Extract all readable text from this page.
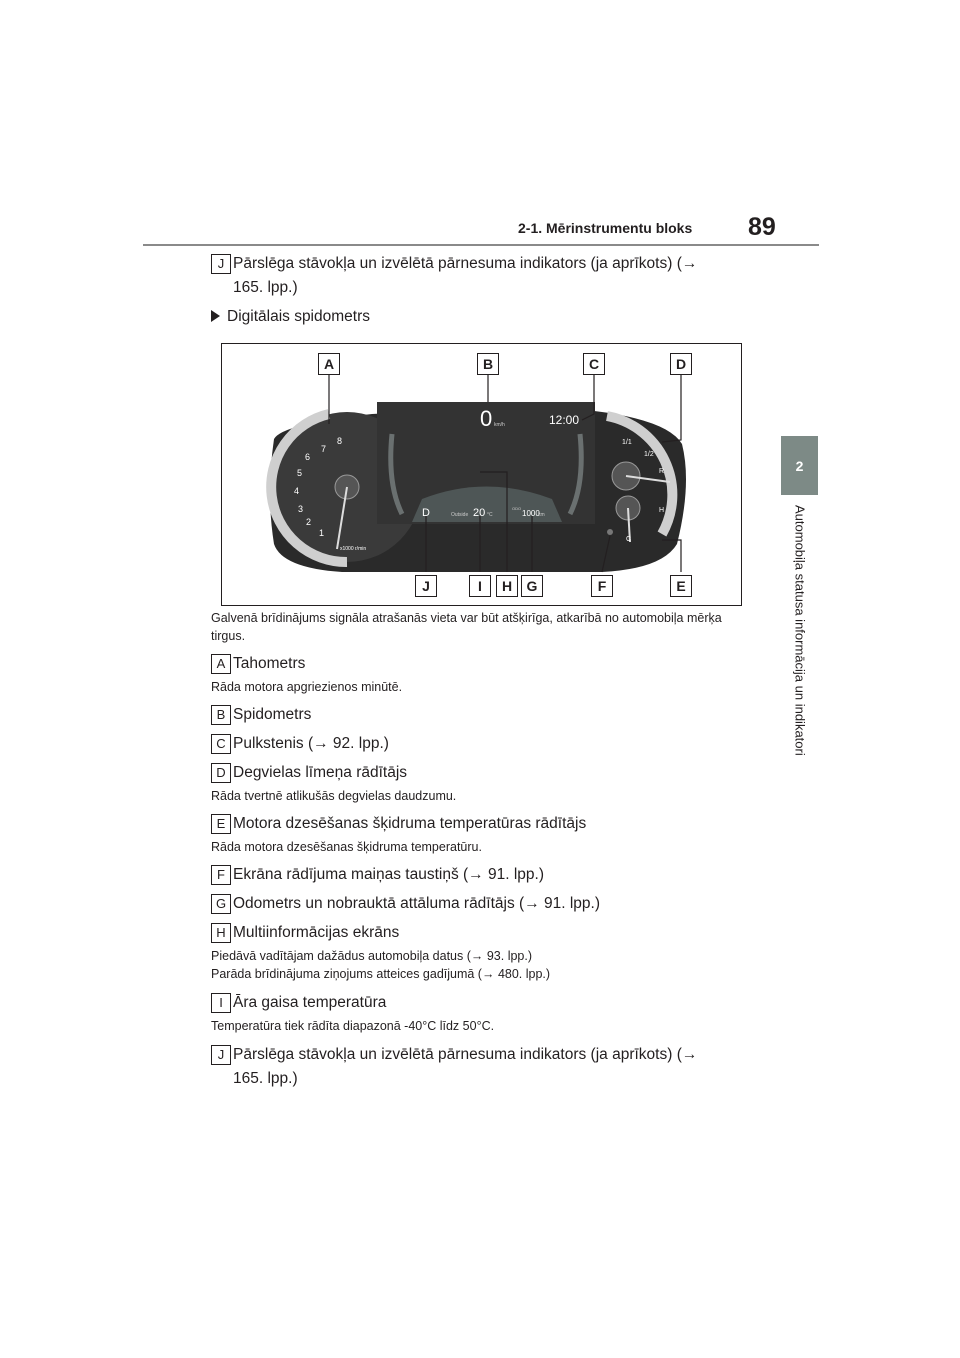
2-1. Mērinstrumentu bloks 89
2
Automobiļa statusa informācija un indikatori
J Pārslēga stāvokļa un izvēlētā pārnesuma indikators (ja aprīkots) (→
165. lpp.)
Digitālais spidometrs
1
2
3
4
5
6
7
8
x1000 r/min
0 km/h	12:00
D	Outside 20 °C
ODO
1000
km
1/1
1/2
R
H
C
A	B	C	D
J	I	H	G	F	E
Galvenā brīdinājums signāla atrašanās vieta var būt atšķirīga, atkarībā no automobiļa mērķa tirgus.
A Tahometrs
Rāda motora apgriezienos minūtē.
B Spidometrs
C Pulkstenis (→ 92. lpp.)
D Degvielas līmeņa rādītājs
Rāda tvertnē atlikušās degvielas daudzumu.
E Motora dzesēšanas šķidruma temperatūras rādītājs
Rāda motora dzesēšanas šķidruma temperatūru.
F Ekrāna rādījuma maiņas taustiņš (→ 91. lpp.)
G Odometrs un nobrauktā attāluma rādītājs (→ 91. lpp.)
H Multiinformācijas ekrāns
Piedāvā vadītājam dažādus automobiļa datus (→ 93. lpp.)
Parāda brīdinājuma ziņojums atteices gadījumā (→ 480. lpp.)
I Āra gaisa temperatūra
Temperatūra tiek rādīta diapazonā -40°C līdz 50°C.
J Pārslēga stāvokļa un izvēlētā pārnesuma indikators (ja aprīkots) (→
165. lpp.)
